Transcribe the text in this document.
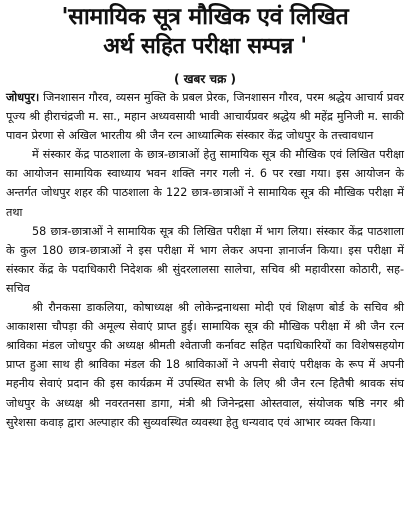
'सामायिक सूत्र मौखिक एवं लिखित
अर्थ सहित परीक्षा सम्पन्न '
( खबर चक्र )

जोधपुर। जिनशासन गौरव, व्यसन मुक्ति के प्रबल प्रेरक, जिनशासन गौरव, परम श्रद्धेय आचार्य प्रवर पूज्य श्री हीराचंद्रजी म. सा., महान अध्यवसायी भावी आचार्यप्रवर श्रद्धेय श्री महेंद्र मुनिजी म. साकी पावन प्रेरणा से अखिल भारतीय श्री जैन रत्न आध्यात्मिक संस्कार केंद्र जोधपुर के तत्त्वावधान

में संस्कार केंद्र पाठशाला के छात्र-छात्राओं हेतु सामायिक सूत्र की मौखिक एवं लिखित परीक्षा का आयोजन सामायिक स्वाध्याय भवन शक्ति नगर गली नं. 6 पर रखा गया। इस आयोजन के अन्तर्गत जोधपुर शहर की पाठशाला के 122 छात्र-छात्राओं ने सामायिक सूत्र की मौखिक परीक्षा में तथा

58 छात्र-छात्राओं ने सामायिक सूत्र की लिखित परीक्षा में भाग लिया। संस्कार केंद्र पाठशाला के कुल 180 छात्र-छात्राओं ने इस परीक्षा में भाग लेकर अपना ज्ञानार्जन किया। इस परीक्षा में संस्कार केंद्र के पदाधिकारी निदेशक श्री सुंदरलालसा सालेचा, सचिव श्री महावीरसा कोठारी, सह-सचिव

श्री रौनकसा डाकलिया, कोषाध्यक्ष श्री लोकेन्द्रनाथसा मोदी एवं शिक्षण बोर्ड के सचिव श्री आकाशसा चौपड़ा की अमूल्य सेवाएं प्राप्त हुई। सामायिक सूत्र की मौखिक परीक्षा में श्री जैन रत्न श्राविका मंडल जोधपुर की अध्यक्ष श्रीमती श्वेताजी कर्नावट सहित पदाधिकारियों का विशेषसहयोग प्राप्त हुआ साथ ही श्राविका मंडल की 18 श्राविकाओं ने अपनी सेवाएं परीक्षक के रूप में अपनी महनीय सेवाएं प्रदान की इस कार्यक्रम में उपस्थित सभी के लिए श्री जैन रत्न हितैषी श्रावक संघ जोधपुर के अध्यक्ष श्री नवरतनसा डागा, मंत्री श्री जिनेन्द्रसा ओस्तवाल, संयोजक षष्ठि नगर श्री सुरेशसा कवाड़ द्वारा अल्पाहार की सुव्यवस्थित व्यवस्था हेतु धन्यवाद एवं आभार व्यक्त किया।
